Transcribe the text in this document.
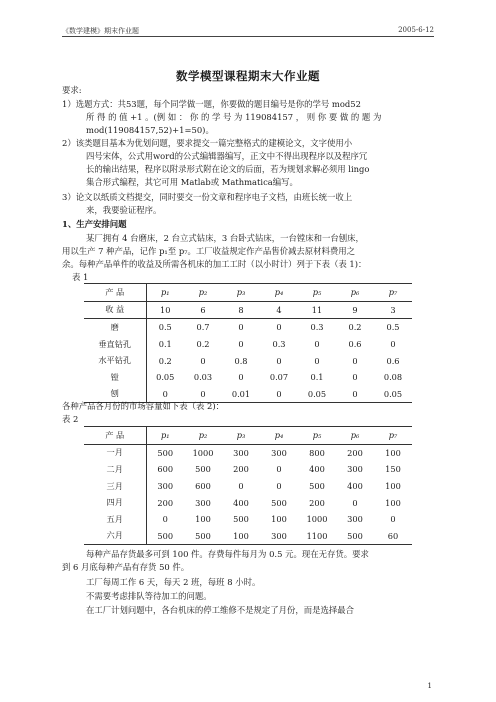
《数学建模》期末作业题	2005-6-12
数学模型课程期末大作业题
要求:
1）选题方式：共53题，每个同学做一题，你要做的题目编号是你的学号 mod52
所 得 的 值 +1 。(例 如 ： 你 的 学 号 为 119084157 ， 则 你 要 做 的 题 为
mod(119084157,52)+1=50)。
2）该类题目基本为优划问题，要求提交一篇完整格式的建模论文，文字使用小
四号宋体，公式用word的公式编辑器编写，正文中不得出现程序以及程序冗
长的输出结果，程序以附录形式附在论文的后面，若为规划求解必须用 lingo
集合形式编程，其它可用 Matlab或 Mathmatica编写。
3）论文以纸质文档提交，同时要交一份文章和程序电子文档，由班长统一收上
来，我要验证程序。
1、生产安排问题
某厂拥有 4 台磨床，2 台立式钻床，3 台卧式钻床，一台镗床和一台刨床，
用以生产 7 种产品，记作 p₁至 p₇。工厂收益规定作产品售价减去原材料费用之
余。每种产品单件的收益及所需各机床的加工工时（以小时计）列于下表（表 1)：
表 1
产 品	p₁	p₂	p₃	p₄	p₅	p₆	p₇
收 益	10	6	8	4	11	9	3
磨	0.5	0.7	0	0	0.3	0.2	0.5
垂直钻孔	0.1	0.2	0	0.3	0	0.6	0
水平钻孔	0.2	0	0.8	0	0	0	0.6
镗	0.05	0.03	0	0.07	0.1	0	0.08
刨	0	0	0.01	0	0.05	0	0.05
各种产品各月份的市场容量如下表（表 2)：
表 2
产 品	p₁	p₂	p₃	p₄	p₅	p₆	p₇
一月	500	1000	300	300	800	200	100
二月	600	500	200	0	400	300	150
三月	300	600	0	0	500	400	100
四月	200	300	400	500	200	0	100
五月	0	100	500	100	1000	300	0
六月	500	500	100	300	1100	500	60
每种产品存货最多可到 100 件。存费每件每月为 0.5 元。现在无存货。要求
到 6 月底每种产品有存货 50 件。
工厂每周工作 6 天，每天 2 班，每班 8 小时。
不需要考虑排队等待加工的问题。
在工厂计划问题中，各台机床的停工维修不是规定了月份，而是选择最合
1
